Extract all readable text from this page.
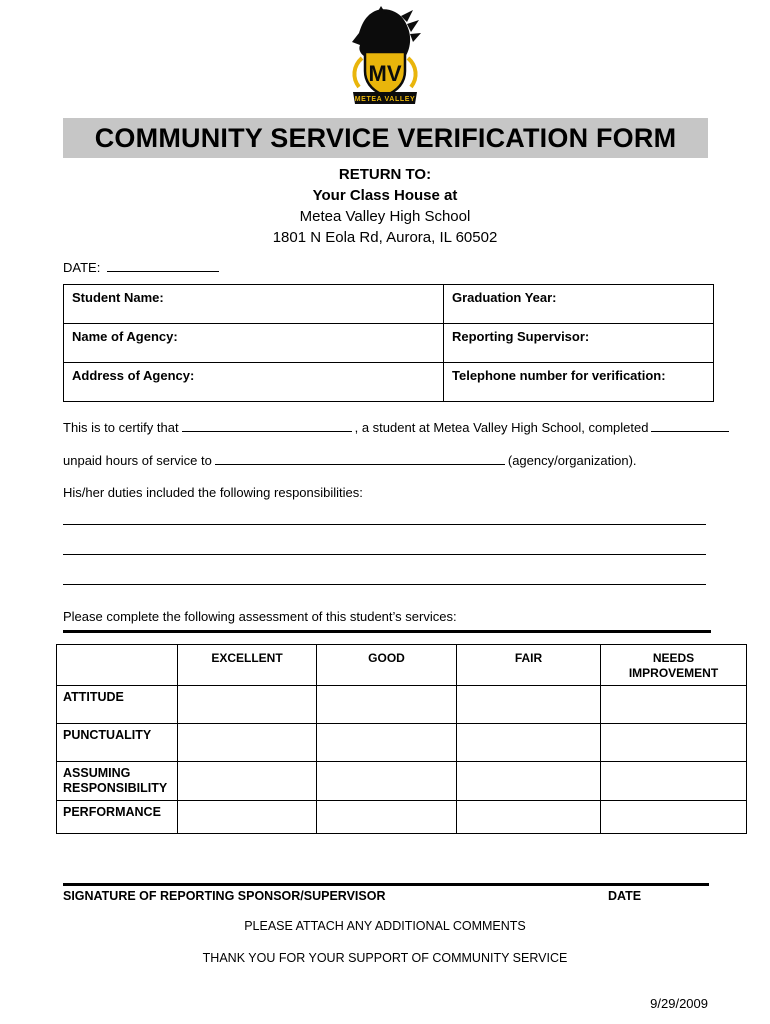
MV
METEA VALLEY
COMMUNITY SERVICE VERIFICATION FORM
RETURN TO:
Your Class House at
Metea Valley High School
1801 N Eola Rd, Aurora, IL 60502
DATE:
Student Name:	Graduation Year:
Name of Agency:	Reporting Supervisor:
Address of Agency:	Telephone number for verification:
This is to certify that	, a student at Metea Valley High School, completed
unpaid hours of service to	(agency/organization).
His/her duties included the following responsibilities:
Please complete the following assessment of this student’s services:
	EXCELLENT	GOOD	FAIR	NEEDS IMPROVEMENT
ATTITUDE				
PUNCTUALITY				
ASSUMING RESPONSIBILITY				
PERFORMANCE				
SIGNATURE OF REPORTING SPONSOR/SUPERVISOR	DATE
PLEASE ATTACH ANY ADDITIONAL COMMENTS
THANK YOU FOR YOUR SUPPORT OF COMMUNITY SERVICE
9/29/2009
